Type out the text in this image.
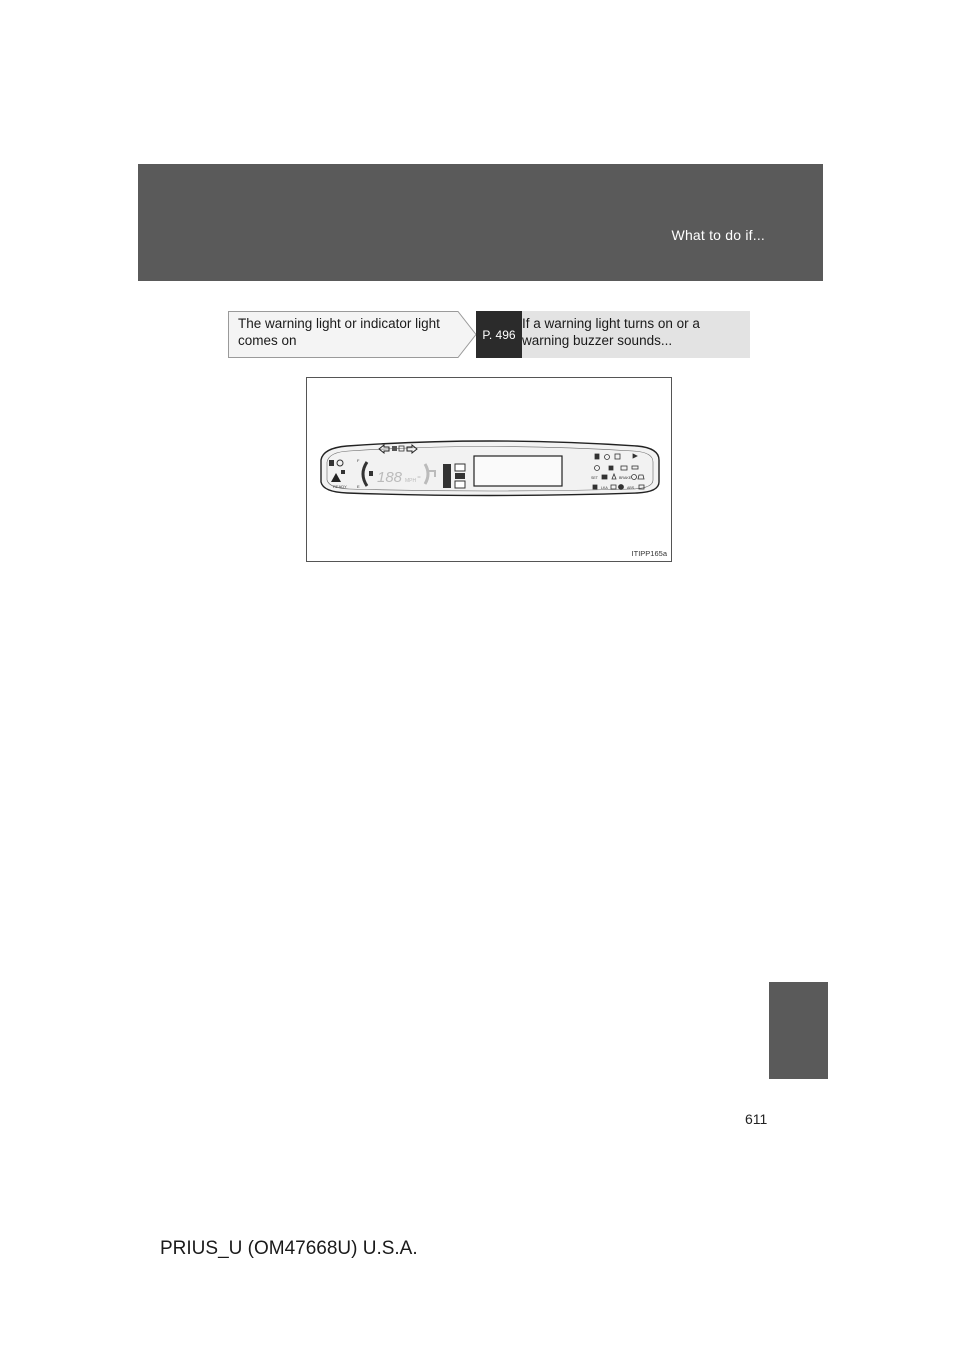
What to do if...
The warning light or indicator light comes on	P. 496
If a warning light turns on or a warning buzzer sounds...
READY
F
E
188 MPH -	SET	BRAKE
LKA	ABS
ITIPP165a
611
PRIUS_U (OM47668U) U.S.A.
